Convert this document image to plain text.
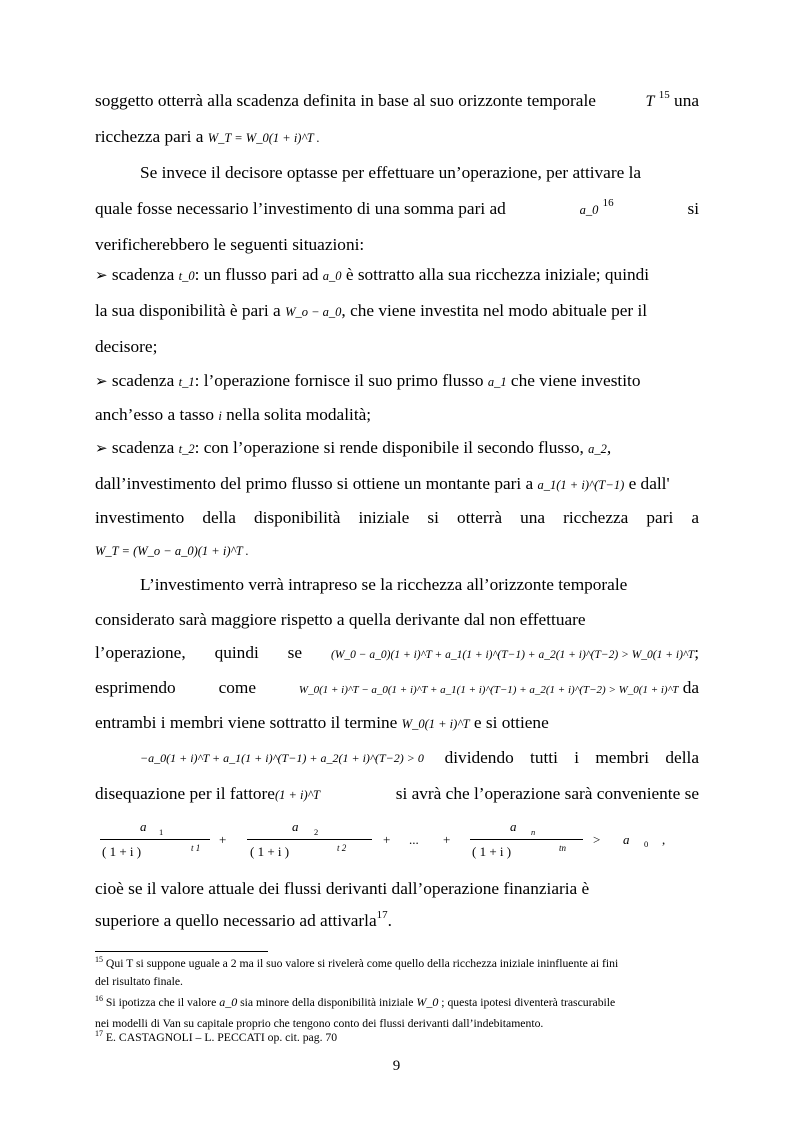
soggetto otterrà alla scadenza definita in base al suo orizzonte temporale	T $^{15}$ una
ricchezza pari a W_T = W_0(1 + i)^T .
Se invece il decisore optasse per effettuare un’operazione, per attivare la
quale fosse necessario l’investimento di una somma pari ad	a_0 $^{16}$	si
verificherebbero le seguenti situazioni:
➢ scadenza t_0: un flusso pari ad a_0 è sottratto alla sua ricchezza iniziale; quindi
la sua disponibilità è pari a W_o − a_0, che viene investita nel modo abituale per il
decisore;
➢ scadenza t_1: l’operazione fornisce il suo primo flusso a_1 che viene investito
anch’esso a tasso i nella solita modalità;
➢ scadenza t_2: con l’operazione si rende disponibile il secondo flusso, a_2,
dall’investimento del primo flusso si ottiene un montante pari a a_1(1 + i)^(T−1) e dall'
investimento della disponibilità iniziale si otterrà una ricchezza pari a
W_T = (W_o − a_0)(1 + i)^T .
L’investimento verrà intrapreso se la ricchezza all’orizzonte temporale
considerato sarà maggiore rispetto a quella derivante dal non effettuare
l’operazione, quindi se	(W_0 − a_0)(1 + i)^T + a_1(1 + i)^(T−1) + a_2(1 + i)^(T−2) > W_0(1 + i)^T;
esprimendo come	W_0(1 + i)^T − a_0(1 + i)^T + a_1(1 + i)^(T−1) + a_2(1 + i)^(T−2) > W_0(1 + i)^T da
entrambi i membri viene sottratto il termine W_0(1 + i)^T e si ottiene
−a_0(1 + i)^T + a_1(1 + i)^(T−1) + a_2(1 + i)^(T−2) > 0 dividendo tutti i membri della
disequazione per il fattore(1 + i)^T	si avrà che l’operazione sarà conveniente se
a 1
( 1 + i )	t 1
+
a 2
( 1 + i )	t 2
+ ... +
a n
( 1 + i )	tn
> a 0 ,
cioè se il valore attuale dei flussi derivanti dall’operazione finanziaria è
superiore a quello necessario ad attivarla$^{17}$.
$^{15}$ Qui T si suppone uguale a 2 ma il suo valore si rivelerà come quello della ricchezza iniziale ininfluente ai fini
del risultato finale.
$^{16}$ Si ipotizza che il valore a_0 sia minore della disponibilità iniziale W_0 ; questa ipotesi diventerà trascurabile
nei modelli di Van su capitale proprio che tengono conto dei flussi derivanti dall’indebitamento.
$^{17}$ E. CASTAGNOLI – L. PECCATI op. cit. pag. 70
9
